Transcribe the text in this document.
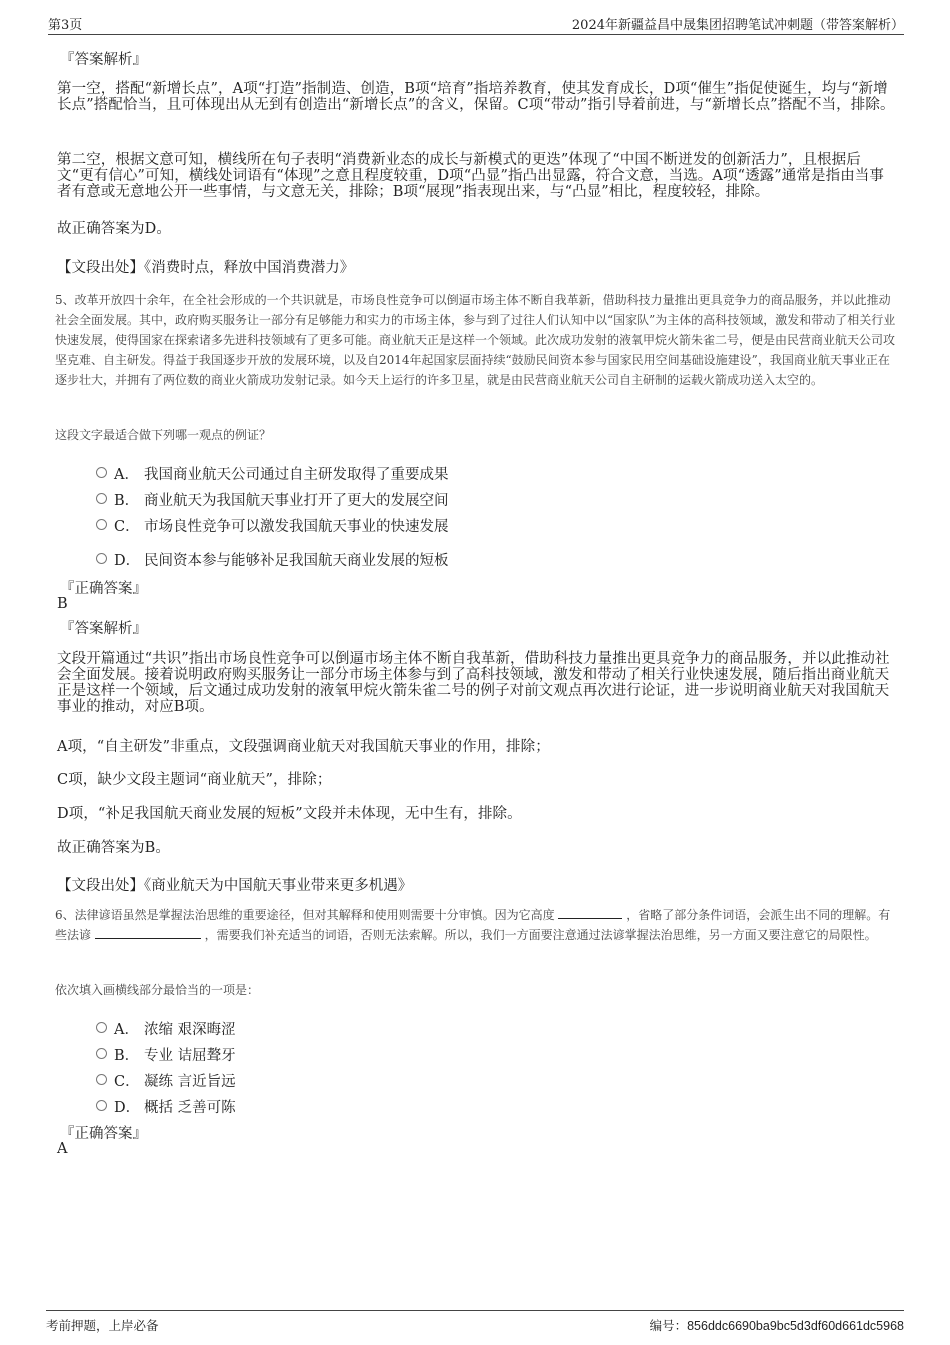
第3页	2024年新疆益昌中晟集团招聘笔试冲刺题（带答案解析）
『答案解析』
第一空，搭配“新增长点”，A项“打造”指制造、创造，B项“培育”指培养教育，使其发育成长，D项“催生”指促使诞生，均与“新增长点”搭配恰当，且可体现出从无到有创造出“新增长点”的含义，保留。C项“带动”指引导着前进，与“新增长点”搭配不当，排除。
第二空，根据文意可知，横线所在句子表明“消费新业态的成长与新模式的更迭”体现了“中国不断迸发的创新活力”，且根据后文“更有信心”可知，横线处词语有“体现”之意且程度较重，D项“凸显”指凸出显露，符合文意，当选。A项“透露”通常是指由当事者有意或无意地公开一些事情，与文意无关，排除；B项“展现”指表现出来，与“凸显”相比，程度较轻，排除。
故正确答案为D。
【文段出处】《消费时点，释放中国消费潜力》
5、改革开放四十余年，在全社会形成的一个共识就是，市场良性竞争可以倒逼市场主体不断自我革新，借助科技力量推出更具竞争力的商品服务，并以此推动社会全面发展。其中，政府购买服务让一部分有足够能力和实力的市场主体，参与到了过往人们认知中以“国家队”为主体的高科技领域，激发和带动了相关行业快速发展，使得国家在探索诸多先进科技领域有了更多可能。商业航天正是这样一个领域。此次成功发射的液氧甲烷火箭朱雀二号，便是由民营商业航天公司攻坚克难、自主研发。得益于我国逐步开放的发展环境，以及自2014年起国家层面持续“鼓励民间资本参与国家民用空间基础设施建设”，我国商业航天事业正在逐步壮大，并拥有了两位数的商业火箭成功发射记录。如今天上运行的许多卫星，就是由民营商业航天公司自主研制的运载火箭成功送入太空的。
这段文字最适合做下列哪一观点的例证？
A． 我国商业航天公司通过自主研发取得了重要成果
B． 商业航天为我国航天事业打开了更大的发展空间
C． 市场良性竞争可以激发我国航天事业的快速发展
D． 民间资本参与能够补足我国航天商业发展的短板
『正确答案』
B
『答案解析』
文段开篇通过“共识”指出市场良性竞争可以倒逼市场主体不断自我革新，借助科技力量推出更具竞争力的商品服务，并以此推动社会全面发展。接着说明政府购买服务让一部分市场主体参与到了高科技领域，激发和带动了相关行业快速发展，随后指出商业航天正是这样一个领域，后文通过成功发射的液氧甲烷火箭朱雀二号的例子对前文观点再次进行论证，进一步说明商业航天对我国航天事业的推动，对应B项。
A项，“自主研发”非重点，文段强调商业航天对我国航天事业的作用，排除；
C项，缺少文段主题词“商业航天”，排除；
D项，“补足我国航天商业发展的短板”文段并未体现，无中生有，排除。
故正确答案为B。
【文段出处】《商业航天为中国航天事业带来更多机遇》
6、法律谚语虽然是掌握法治思维的重要途径，但对其解释和使用则需要十分审慎。因为它高度	，省略了部分条件词语，会派生出不同的理解。有些法谚	，需要我们补充适当的词语，否则无法索解。所以，我们一方面要注意通过法谚掌握法治思维，另一方面又要注意它的局限性。
依次填入画横线部分最恰当的一项是：
A． 浓缩 艰深晦涩
B． 专业 诘屈聱牙
C． 凝练 言近旨远
D． 概括 乏善可陈
『正确答案』
A
考前押题，上岸必备	编号：856ddc6690ba9bc5d3df60d661dc5968
